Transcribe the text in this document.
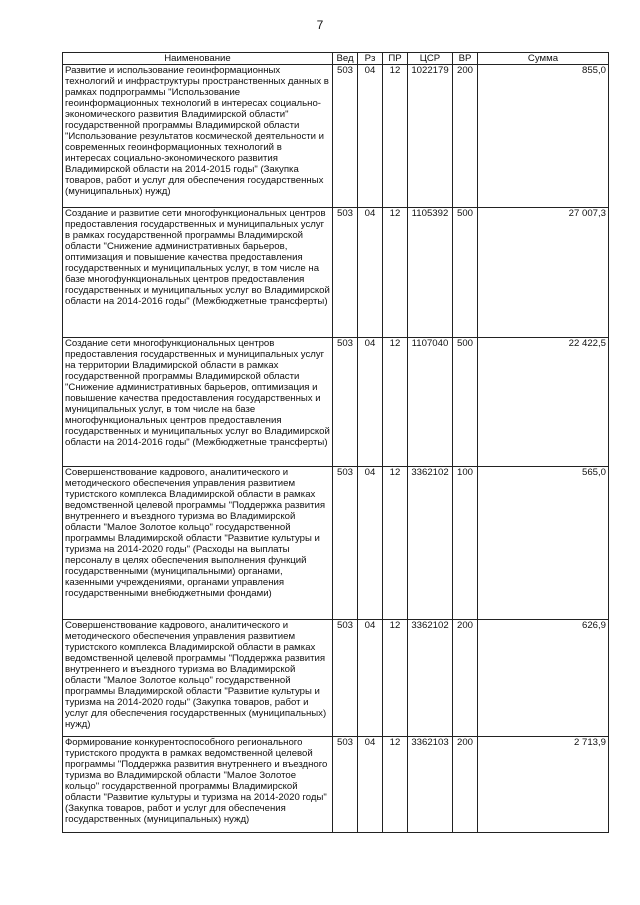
7
Наименование	Вед	Рз	ПР	ЦСР	ВР	Сумма
Развитие и использование геоинформационных технологий и инфраструктуры пространственных данных в рамках подпрограммы "Использование геоинформационных технологий в интересах социально-экономического развития Владимирской области" государственной программы Владимирской области "Использование результатов космической деятельности и современных геоинформационных технологий в интересах социально-экономического развития Владимирской области на 2014-2015 годы" (Закупка товаров, работ и услуг для обеспечения государственных (муниципальных) нужд)	503	04	12	1022179	200	855,0
Создание и развитие сети многофункциональных центров предоставления государственных и муниципальных услуг в рамках государственной программы Владимирской области "Снижение административных барьеров, оптимизация и повышение качества предоставления государственных и муниципальных услуг, в том числе на базе многофункциональных центров предоставления государственных и муниципальных услуг во Владимирской области на 2014-2016 годы" (Межбюджетные трансферты)	503	04	12	1105392	500	27 007,3
Создание сети многофункциональных центров предоставления государственных и муниципальных услуг на территории Владимирской области в рамках государственной программы Владимирской области "Снижение административных барьеров, оптимизация и повышение качества предоставления государственных и муниципальных услуг, в том числе на базе многофункциональных центров предоставления государственных и муниципальных услуг во Владимирской области на 2014-2016 годы" (Межбюджетные трансферты)	503	04	12	1107040	500	22 422,5
Совершенствование кадрового, аналитического и методического обеспечения управления развитием туристского комплекса Владимирской области в рамках ведомственной целевой программы "Поддержка развития внутреннего и въездного туризма во Владимирской области "Малое Золотое кольцо" государственной программы Владимирской области "Развитие культуры и туризма на 2014-2020 годы" (Расходы на выплаты персоналу в целях обеспечения выполнения функций государственными (муниципальными) органами, казенными учреждениями, органами управления государственными внебюджетными фондами)	503	04	12	3362102	100	565,0
Совершенствование кадрового, аналитического и методического обеспечения управления развитием туристского комплекса Владимирской области в рамках ведомственной целевой программы "Поддержка развития внутреннего и въездного туризма во Владимирской области "Малое Золотое кольцо" государственной программы Владимирской области "Развитие культуры и туризма на 2014-2020 годы" (Закупка товаров, работ и услуг для обеспечения государственных (муниципальных) нужд)	503	04	12	3362102	200	626,9
Формирование конкурентоспособного регионального туристского продукта в рамках ведомственной целевой программы "Поддержка развития внутреннего и въездного туризма во Владимирской области "Малое Золотое кольцо" государственной программы Владимирской области "Развитие культуры и туризма на 2014-2020 годы" (Закупка товаров, работ и услуг для обеспечения государственных (муниципальных) нужд)	503	04	12	3362103	200	2 713,9
